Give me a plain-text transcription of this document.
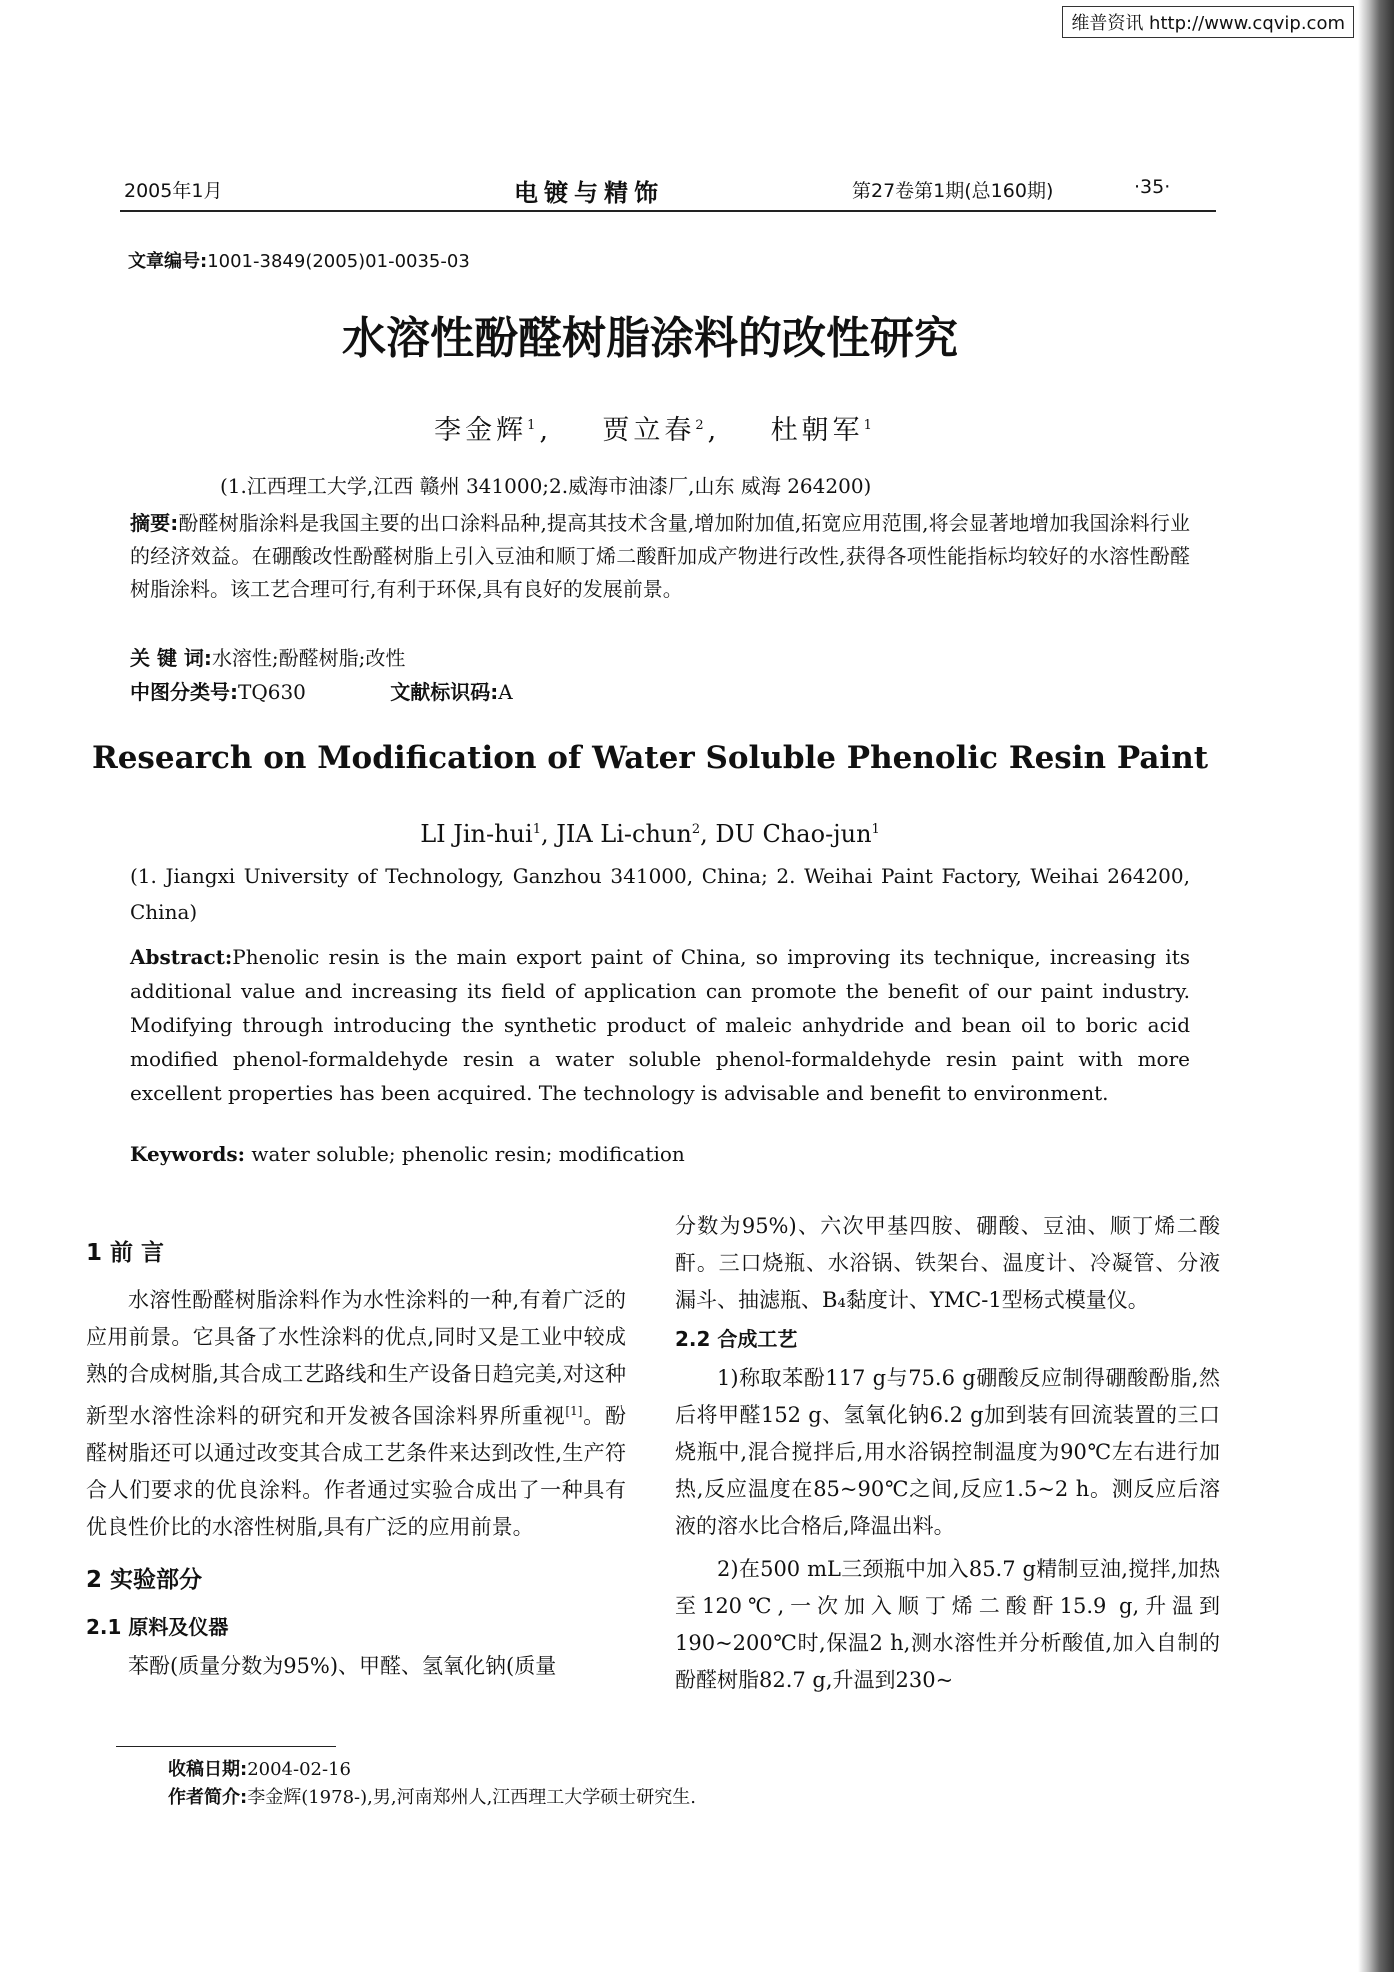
维普资讯 http://www.cqvip.com
2005年1月	电镀与精饰	第27卷第1期(总160期)	·35·
文章编号:1001-3849(2005)01-0035-03
水溶性酚醛树脂涂料的改性研究
李金辉$^1$,    贾立春$^2$,    杜朝军$^1$
(1.江西理工大学,江西 赣州 341000;2.威海市油漆厂,山东 威海 264200)
摘要:酚醛树脂涂料是我国主要的出口涂料品种,提高其技术含量,增加附加值,拓宽应用范围,将会显著地增加我国涂料行业的经济效益。在硼酸改性酚醛树脂上引入豆油和顺丁烯二酸酐加成产物进行改性,获得各项性能指标均较好的水溶性酚醛树脂涂料。该工艺合理可行,有利于环保,具有良好的发展前景。
关 键 词:水溶性;酚醛树脂;改性
中图分类号:TQ630	文献标识码:A
Research on Modification of Water Soluble Phenolic Resin Paint
LI Jin-hui$^1$, JIA Li-chun$^2$, DU Chao-jun$^1$
(1. Jiangxi University of Technology, Ganzhou 341000, China; 2. Weihai Paint Factory, Weihai 264200, China)
Abstract:Phenolic resin is the main export paint of China, so improving its technique, increasing its additional value and increasing its field of application can promote the benefit of our paint industry. Modifying through introducing the synthetic product of maleic anhydride and bean oil to boric acid modified phenol-formaldehyde resin a water soluble phenol-formaldehyde resin paint with more excellent properties has been acquired. The technology is advisable and benefit to environment.
Keywords: water soluble; phenolic resin; modification
1 前 言

水溶性酚醛树脂涂料作为水性涂料的一种,有着广泛的应用前景。它具备了水性涂料的优点,同时又是工业中较成熟的合成树脂,其合成工艺路线和生产设备日趋完美,对这种新型水溶性涂料的研究和开发被各国涂料界所重视[1]。酚醛树脂还可以通过改变其合成工艺条件来达到改性,生产符合人们要求的优良涂料。作者通过实验合成出了一种具有优良性价比的水溶性树脂,具有广泛的应用前景。

2 实验部分
2.1 原料及仪器

苯酚(质量分数为95%)、甲醛、氢氧化钠(质量

分数为95%)、六次甲基四胺、硼酸、豆油、顺丁烯二酸酐。三口烧瓶、水浴锅、铁架台、温度计、冷凝管、分液漏斗、抽滤瓶、B₄黏度计、YMC-1型杨式模量仪。

2.2 合成工艺

1)称取苯酚117 g与75.6 g硼酸反应制得硼酸酚脂,然后将甲醛152 g、氢氧化钠6.2 g加到装有回流装置的三口烧瓶中,混合搅拌后,用水浴锅控制温度为90℃左右进行加热,反应温度在85~90℃之间,反应1.5~2 h。测反应后溶液的溶水比合格后,降温出料。

2)在500 mL三颈瓶中加入85.7 g精制豆油,搅拌,加热至120℃,一次加入顺丁烯二酸酐15.9 g,升温到190~200℃时,保温2 h,测水溶性并分析酸值,加入自制的酚醛树脂82.7 g,升温到230~

收稿日期:2004-02-16
作者简介:李金辉(1978-),男,河南郑州人,江西理工大学硕士研究生.
